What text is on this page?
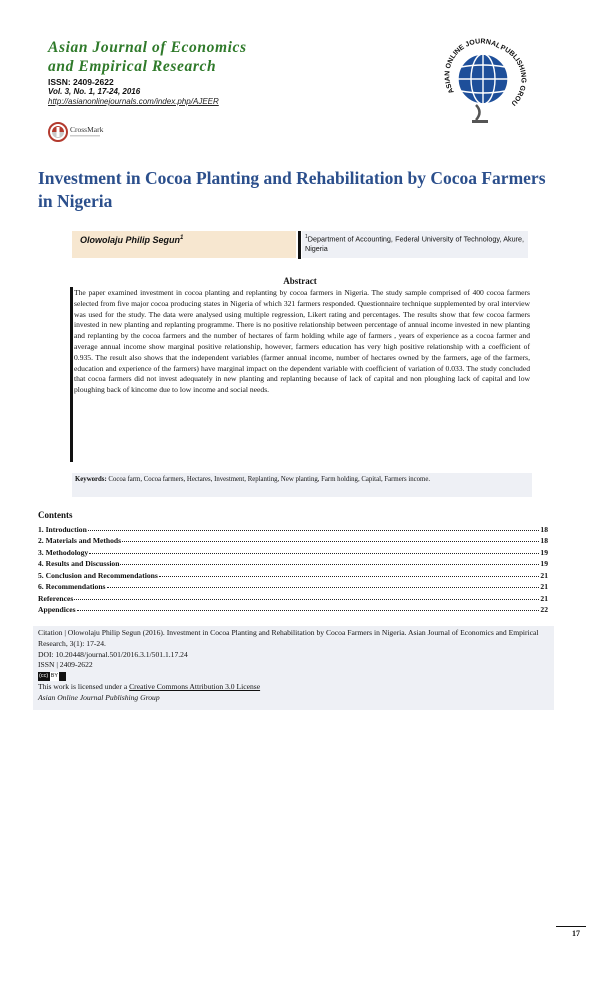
Asian Journal of Economics
and Empirical Research
ISSN: 2409-2622
Vol. 3, No. 1, 17-24, 2016
http://asianonlinejournals.com/index.php/AJEER
CrossMark
ASIAN ONLINE JOURNAL
PUBLISHING GROU
Investment in Cocoa Planting and Rehabilitation by Cocoa Farmers in Nigeria
Olowolaju Philip Segun$^1$	$^1$Department of Accounting, Federal University of Technology, Akure, Nigeria
Abstract
The paper examined investment in cocoa planting and replanting by cocoa farmers in Nigeria. The study sample comprised of 400 cocoa farmers selected from five major cocoa producing states in Nigeria of which 321 farmers responded. Questionnaire technique supplemented by oral interview was used for the study. The data were analysed using multiple regression, Likert rating and percentages. The results show that few cocoa farmers invested in new planting and replanting programme. There is no positive relationship between percentage of annual income invested in new planting and replanting by the cocoa farmers and the number of hectares of farm holding while age of farmers , years of experience as a cocoa farmer and average annual income show marginal positive relationship, however, farmers education has very high positive relationship with a coefficient of 0.935. The result also shows that the independent variables (farmer annual income, number of hectares owned by the farmers, age of the farmers, education and experience of the farmers) have marginal impact on the dependent variable with coefficient of variation of 0.033. The study concluded that cocoa farmers did not invest adequately in new planting and replanting because of lack of capital and non ploughing lack of capital and low ploughing back of kincome due to low income and social needs.
Keywords: Cocoa farm, Cocoa farmers, Hectares, Investment, Replanting, New planting, Farm holding, Capital, Farmers income.
Contents
1. Introduction	18
2. Materials and Methods	18
3. Methodology	19
4. Results and Discussion	19
5. Conclusion and Recommendations	21
6. Recommendations	21
References	21
Appendices	22
Citation | Olowolaju Philip Segun (2016). Investment in Cocoa Planting and Rehabilitation by Cocoa Farmers in Nigeria. Asian Journal of Economics and Empirical Research, 3(1): 17-24.
DOI: 10.20448/journal.501/2016.3.1/501.1.17.24
ISSN | 2409-2622
(cc) BY
This work is licensed under a Creative Commons Attribution 3.0 License
Asian Online Journal Publishing Group
17
